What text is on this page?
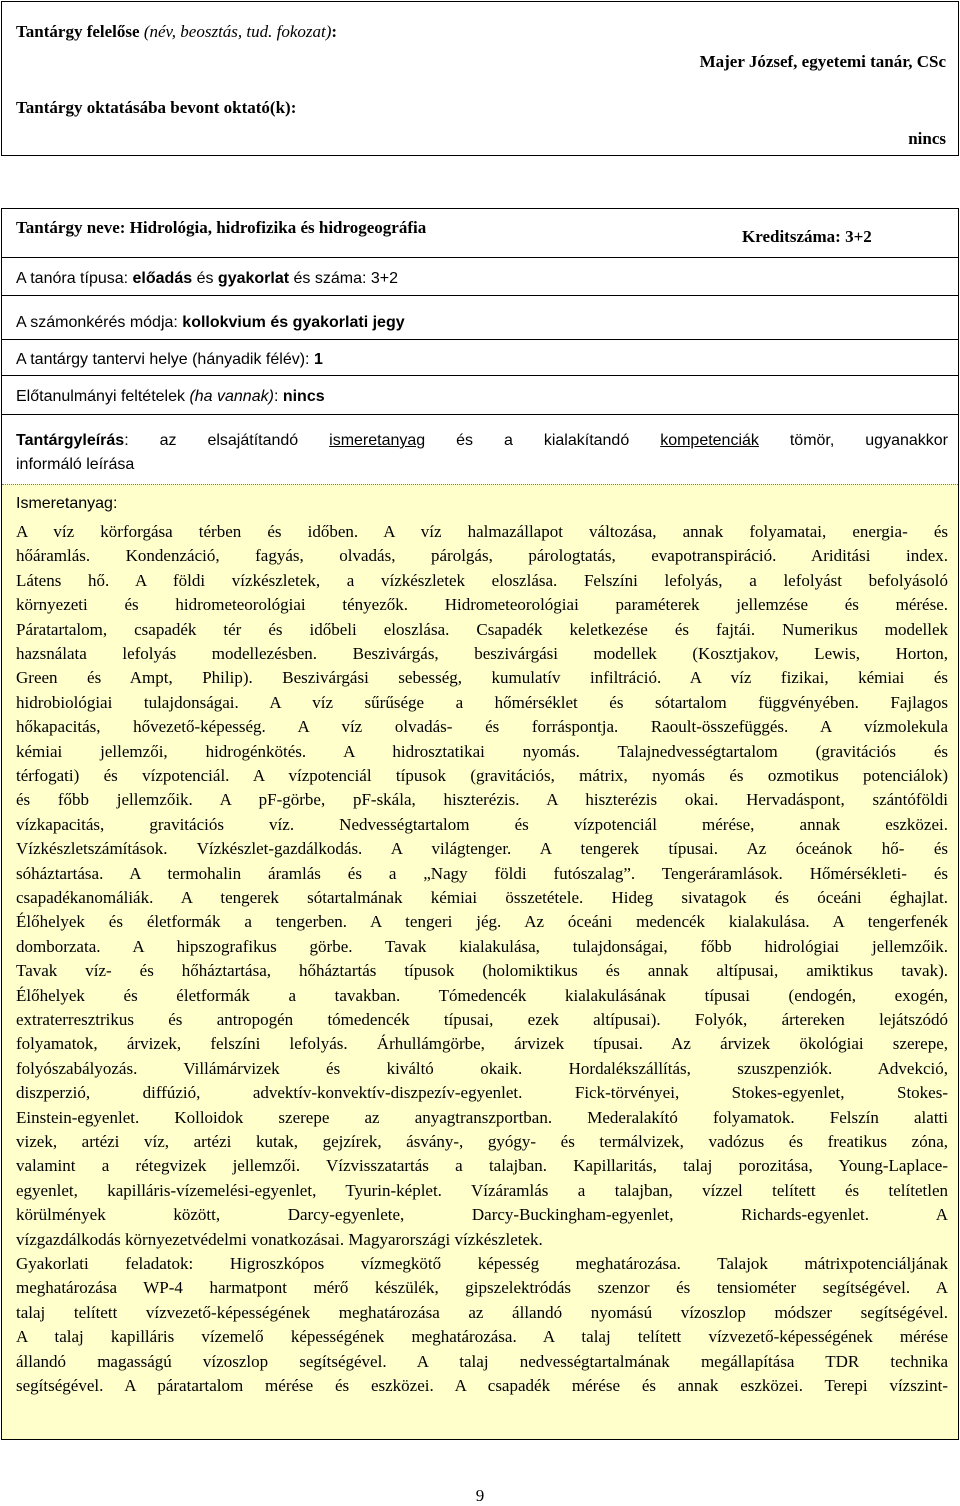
Tantárgy felelőse (név, beosztás, tud. fokozat):
Majer József, egyetemi tanár, CSc
Tantárgy oktatásába bevont oktató(k):
nincs
Tantárgy neve: Hidrológia, hidrofizika és hidrogeográfia	Kreditszáma: 3+2
A tanóra típusa: előadás és gyakorlat és száma: 3+2
A számonkérés módja: kollokvium és gyakorlati jegy
A tantárgy tantervi helye (hányadik félév): 1
Előtanulmányi feltételek (ha vannak): nincs
Tantárgyleírás: az elsajátítandó ismeretanyag és a kialakítandó kompetenciák tömör, ugyanakkor
informáló leírása
Ismeretanyag:
A víz körforgása térben és időben. A víz halmazállapot változása, annak folyamatai, energia- és
hőáramlás. Kondenzáció, fagyás, olvadás, párolgás, párologtatás, evapotranspiráció. Ariditási index.
Látens hő. A földi vízkészletek, a vízkészletek eloszlása. Felszíni lefolyás, a lefolyást befolyásoló
környezeti és hidrometeorológiai tényezők. Hidrometeorológiai paraméterek jellemzése és mérése.
Páratartalom, csapadék tér és időbeli eloszlása. Csapadék keletkezése és fajtái. Numerikus modellek
hazsnálata lefolyás modellezésben. Beszivárgás, beszivárgási modellek (Kosztjakov, Lewis, Horton,
Green és Ampt, Philip). Beszivárgási sebesség, kumulatív infiltráció. A víz fizikai, kémiai és
hidrobiológiai tulajdonságai. A víz sűrűsége a hőmérséklet és sótartalom függvényében. Fajlagos
hőkapacitás, hővezető-képesség. A víz olvadás- és forráspontja. Raoult-összefüggés. A vízmolekula
kémiai jellemzői, hidrogénkötés. A hidrosztatikai nyomás. Talajnedvességtartalom (gravitációs és
térfogati) és vízpotenciál. A vízpotenciál típusok (gravitációs, mátrix, nyomás és ozmotikus potenciálok)
és főbb jellemzőik. A pF-görbe, pF-skála, hiszterézis. A hiszterézis okai. Hervadáspont, szántóföldi
vízkapacitás, gravitációs víz. Nedvességtartalom és vízpotenciál mérése, annak eszközei.
Vízkészletszámítások. Vízkészlet-gazdálkodás. A világtenger. A tengerek típusai. Az óceánok hő- és
sóháztartása. A termohalin áramlás és a „Nagy földi futószalag”. Tengeráramlások. Hőmérsékleti- és
csapadékanomáliák. A tengerek sótartalmának kémiai összetétele. Hideg sivatagok és óceáni éghajlat.
Élőhelyek és életformák a tengerben. A tengeri jég. Az óceáni medencék kialakulása. A tengerfenék
domborzata. A hipszografikus görbe. Tavak kialakulása, tulajdonságai, főbb hidrológiai jellemzőik.
Tavak víz- és hőháztartása, hőháztartás típusok (holomiktikus és annak altípusai, amiktikus tavak).
Élőhelyek és életformák a tavakban. Tómedencék kialakulásának típusai (endogén, exogén,
extraterresztrikus és antropogén tómedencék típusai, ezek altípusai). Folyók, ártereken lejátszódó
folyamatok, árvizek, felszíni lefolyás. Árhullámgörbe, árvizek típusai. Az árvizek ökológiai szerepe,
folyószabályozás. Villámárvizek és kiváltó okaik. Hordalékszállítás, szuszpenziók. Advekció,
diszperzió, diffúzió, advektív-konvektív-diszpezív-egyenlet. Fick-törvényei, Stokes-egyenlet, Stokes-
Einstein-egyenlet. Kolloidok szerepe az anyagtranszportban. Mederalakító folyamatok. Felszín alatti
vizek, artézi víz, artézi kutak, gejzírek, ásvány-, gyógy- és termálvizek, vadózus és freatikus zóna,
valamint a rétegvizek jellemzői. Vízvisszatartás a talajban. Kapillaritás, talaj porozitása, Young-Laplace-
egyenlet, kapilláris-vízemelési-egyenlet, Tyurin-képlet. Vízáramlás a talajban, vízzel telített és telítetlen
körülmények között, Darcy-egyenlete, Darcy-Buckingham-egyenlet, Richards-egyenlet. A
vízgazdálkodás környezetvédelmi vonatkozásai. Magyarországi vízkészletek.
Gyakorlati feladatok: Higroszkópos vízmegkötő képesség meghatározása. Talajok mátrixpotenciáljának
meghatározása WP-4 harmatpont mérő készülék, gipszelektródás szenzor és tensiométer segítségével. A
talaj telített vízvezető-képességének meghatározása az állandó nyomású vízoszlop módszer segítségével.
A talaj kapilláris vízemelő képességének meghatározása. A talaj telített vízvezető-képességének mérése
állandó magasságú vízoszlop segítségével. A talaj nedvességtartalmának megállapítása TDR technika
segítségével. A páratartalom mérése és eszközei. A csapadék mérése és annak eszközei. Terepi vízszint-
9
